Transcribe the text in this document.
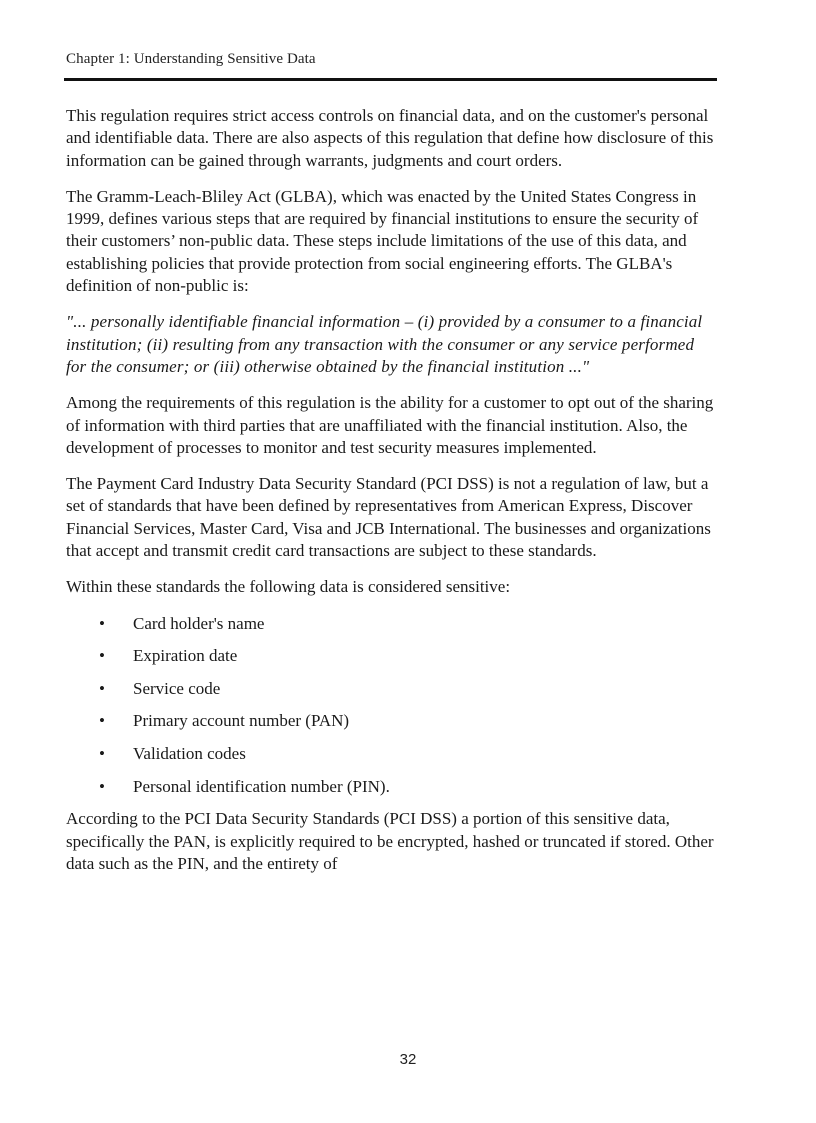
Chapter 1: Understanding Sensitive Data

This regulation requires strict access controls on financial data, and on the customer's personal and identifiable data. There are also aspects of this regulation that define how disclosure of this information can be gained through warrants, judgments and court orders.

The Gramm-Leach-Bliley Act (GLBA), which was enacted by the United States Congress in 1999, defines various steps that are required by financial institutions to ensure the security of their customers’ non-public data. These steps include limitations of the use of this data, and establishing policies that provide protection from social engineering efforts. The GLBA's definition of non-public is:

"... personally identifiable financial information – (i) provided by a consumer to a financial institution; (ii) resulting from any transaction with the consumer or any service performed for the consumer; or (iii) otherwise obtained by the financial institution ..."

Among the requirements of this regulation is the ability for a customer to opt out of the sharing of information with third parties that are unaffiliated with the financial institution. Also, the development of processes to monitor and test security measures implemented.

The Payment Card Industry Data Security Standard (PCI DSS) is not a regulation of law, but a set of standards that have been defined by representatives from American Express, Discover Financial Services, Master Card, Visa and JCB International. The businesses and organizations that accept and transmit credit card transactions are subject to these standards.

Within these standards the following data is considered sensitive:

• Card holder's name
• Expiration date
• Service code
• Primary account number (PAN)
• Validation codes
• Personal identification number (PIN).

According to the PCI Data Security Standards (PCI DSS) a portion of this sensitive data, specifically the PAN, is explicitly required to be encrypted, hashed or truncated if stored. Other data such as the PIN, and the entirety of

32
